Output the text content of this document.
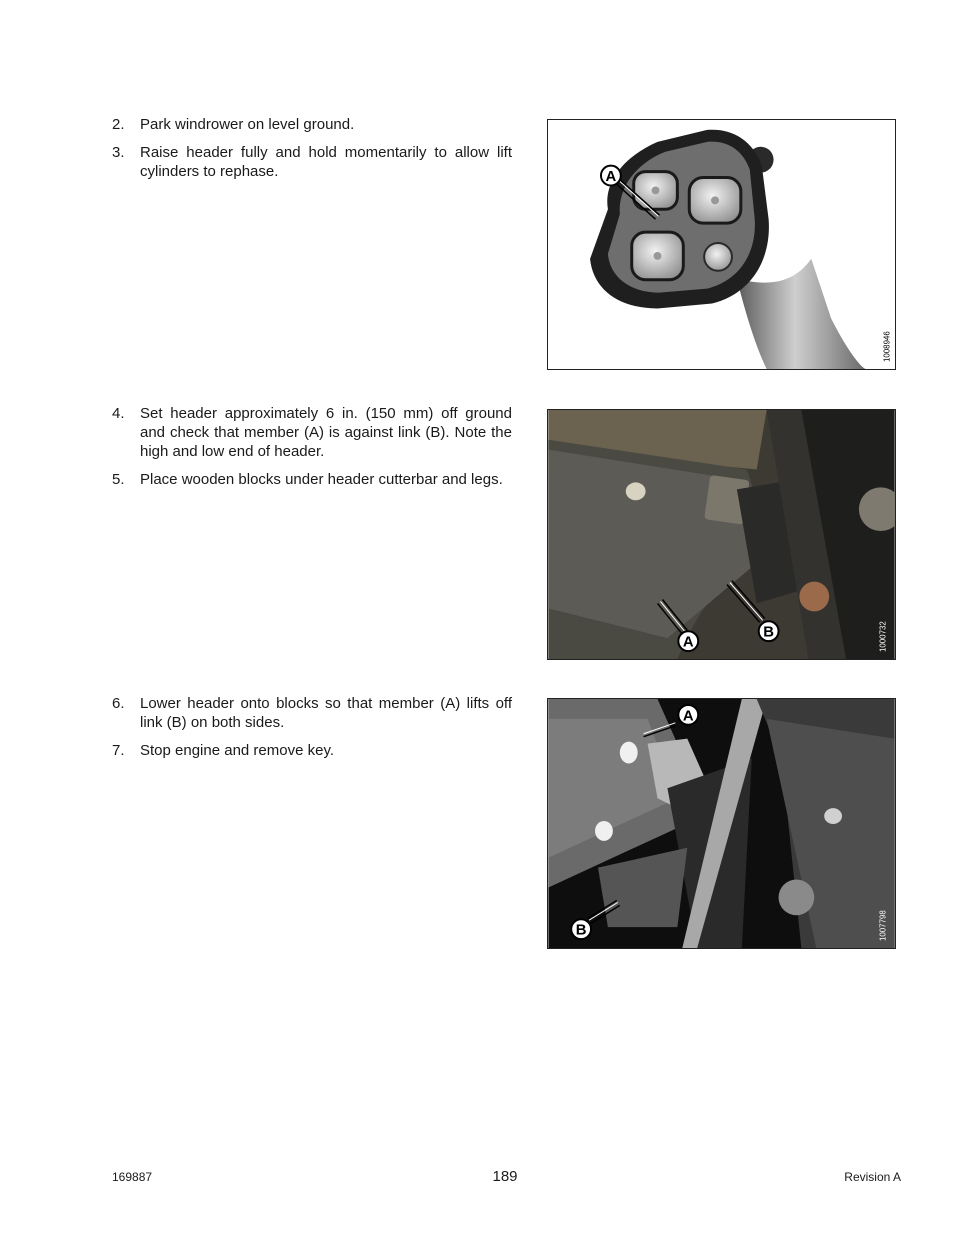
2.	Park windrower on level ground.
3.	Raise header fully and hold momentarily to allow lift cylinders to rephase.
4.	Set header approximately 6 in. (150 mm) off ground and check that member (A) is against link (B). Note the high and low end of header.
5.	Place wooden blocks under header cutterbar and legs.
6.	Lower header onto blocks so that member (A) lifts off link (B) on both sides.
7.	Stop engine and remove key.
A
1008946
A
B	1000732
A
B	1007798
169887	189	Revision A
